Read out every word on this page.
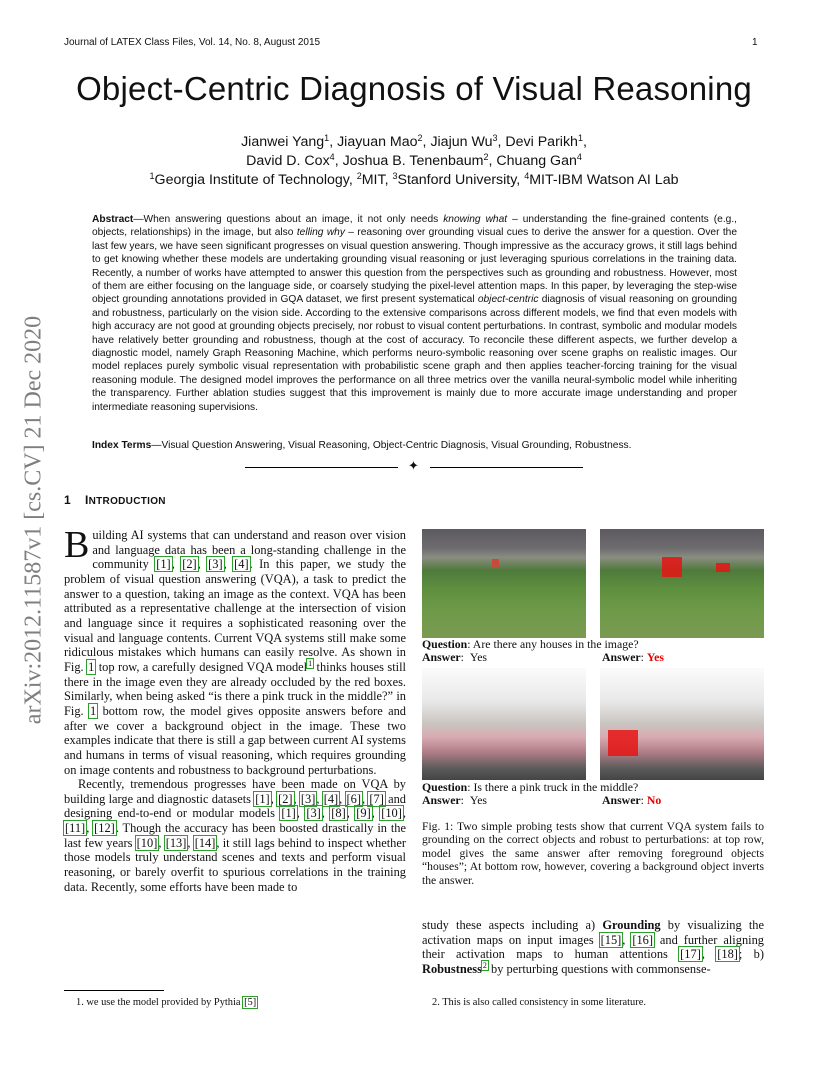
Journal of LATEX Class Files, Vol. 14, No. 8, August 2015	1
arXiv:2012.11587v1 [cs.CV] 21 Dec 2020
Object-Centric Diagnosis of Visual Reasoning
Jianwei Yang$^1$, Jiayuan Mao$^2$, Jiajun Wu$^3$, Devi Parikh$^1$,
David D. Cox$^4$, Joshua B. Tenenbaum$^2$, Chuang Gan$^4$
$^1$Georgia Institute of Technology, $^2$MIT, $^3$Stanford University, $^4$MIT-IBM Watson AI Lab
Abstract—When answering questions about an image, it not only needs knowing what – understanding the fine-grained contents (e.g., objects, relationships) in the image, but also telling why – reasoning over grounding visual cues to derive the answer for a question. Over the last few years, we have seen significant progresses on visual question answering. Though impressive as the accuracy grows, it still lags behind to get knowing whether these models are undertaking grounding visual reasoning or just leveraging spurious correlations in the training data. Recently, a number of works have attempted to answer this question from the perspectives such as grounding and robustness. However, most of them are either focusing on the language side, or coarsely studying the pixel-level attention maps. In this paper, by leveraging the step-wise object grounding annotations provided in GQA dataset, we first present systematical object-centric diagnosis of visual reasoning on grounding and robustness, particularly on the vision side. According to the extensive comparisons across different models, we find that even models with high accuracy are not good at grounding objects precisely, nor robust to visual content perturbations. In contrast, symbolic and modular models have relatively better grounding and robustness, though at the cost of accuracy. To reconcile these different aspects, we further develop a diagnostic model, namely Graph Reasoning Machine, which performs neuro-symbolic reasoning over scene graphs on realistic images. Our model replaces purely symbolic visual representation with probabilistic scene graph and then applies teacher-forcing training for the visual reasoning module. The designed model improves the performance on all three metrics over the vanilla neural-symbolic model while inheriting the transparency. Further ablation studies suggest that this improvement is mainly due to more accurate image understanding and proper intermediate reasoning supervisions.
Index Terms—Visual Question Answering, Visual Reasoning, Object-Centric Diagnosis, Visual Grounding, Robustness.
✦
1 INTRODUCTION

Building AI systems that can understand and reason over vision and language data has been a long-standing challenge in the community [1], [2], [3], [4]. In this paper, we study the problem of visual question answering (VQA), a task to predict the answer to a question, taking an image as the context. VQA has been attributed as a representative challenge at the intersection of vision and language since it requires a sophisticated reasoning over the visual and language contents. Current VQA systems still make some ridiculous mistakes which humans can easily resolve. As shown in Fig. 1 top row, a carefully designed VQA model$^1$ thinks houses still there in the image even they are already occluded by the red boxes. Similarly, when being asked “is there a pink truck in the middle?” in Fig. 1 bottom row, the model gives opposite answers before and after we cover a background object in the image. These two examples indicate that there is still a gap between current AI systems and humans in terms of visual reasoning, which requires grounding on image contents and robustness to background perturbations.

Recently, tremendous progresses have been made on VQA by building large and diagnostic datasets [1], [2], [3], [4], [6], [7] and designing end-to-end or modular models [1], [3], [8], [9], [10], [11], [12]. Though the accuracy has been boosted drastically in the last few years [10], [13], [14], it still lags behind to inspect whether those models truly understand scenes and texts and perform visual reasoning, or barely overfit to spurious correlations in the training data. Recently, some efforts have been made to

Question: Are there any houses in the image?
Answer:  Yes	Answer: Yes
Question: Is there a pink truck in the middle?
Answer:  Yes	Answer: No
Fig. 1: Two simple probing tests show that current VQA system fails to grounding on the correct objects and robust to perturbations: at top row, model gives the same answer after removing foreground objects “houses”; At bottom row, however, covering a background object inverts the answer.
study these aspects including a) Grounding by visualizing the activation maps on input images [15], [16] and further aligning their activation maps to human attentions [17], [18]; b) Robustness$^2$ by perturbing questions with commonsense-
1. we use the model provided by Pythia [5]	2. This is also called consistency in some literature.
